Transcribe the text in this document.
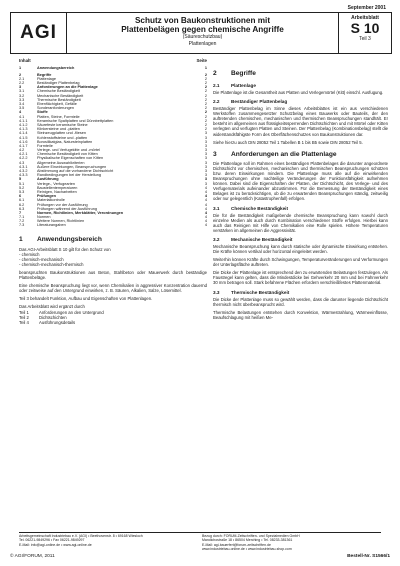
September 2001
AGI
Schutz von Baukonstruktionen mit
Plattenbelägen gegen chemische Angriffe
(Säureschutzbau)
Plattenlagen
Arbeitsblatt
S 10
Teil 3
Inhalt	Seite
1	Anwendungsbereich	1
2	Begriffe	2
2.1	Plattenlage	2
2.2	Beständiger Plattenbelag	2
3	Anforderungen an die Plattenlage	2
3.1	Chemische Beständigkeit	2
3.2	Mechanische Beständigkeit	2
3.3	Thermische Beständigkeit	2
3.4	Ebenflächigkeit, Gefälle	2
3.5	Sonderanforderungen	2
4	Stoffe	2
4.1	Platten, Steine, Formteile	2
4.1.1	Keramische Spaltplatten und Dünnbettplatten	2
4.1.2	Säurefeste keramische Steine	2
4.1.3	Klinkersteine und -platten	2
4.1.4	Steinzeugplatten und -fliesen	3
4.1.5	Kohlenstoffsteine und -platten	3
4.1.6	Borosilikatglas, Natursteinplatten	3
4.1.7	Formteile	3
4.2	Verlege- und Verfugekitte und -mörtel	3
4.2.1	Chemische Beständigkeit von Kitten	3
4.2.2	Physikalische Eigenschaften von Kitten	3
4.3	Allgemeine Auswahlkriterien	3
4.3.1	Äußere Einwirkungen, Beanspruchungen	3
4.3.2	Abstimmung auf die vorhandene Dichtschicht	3
4.3.3	Randbedingungen bei der Herstellung	3
5	Ausführung	3
5.1	Verlege-, Verfugearten	3
5.2	Baustellentemperaturen	4
5.3	Reinigen, Nacharbeiten	4
6	Prüfungen	4
6.1	Materialkontrolle	4
6.2	Prüfungen vor der Ausführung	4
6.3	Prüfungen während der Ausführung	4
7	Normen, Richtlinien, Merkblätter, Verordnungen	4
7.1	Normen	4
7.2	Weitere Normen, Richtlinien	4
7.3	Literaturangaben	4
1	Anwendungsbereich

Das AGI-Arbeitsblatt S 10 gilt für den Schutz von

- chemisch
- chemisch-mechanisch
- chemisch-mechanisch-thermisch

beanspruchten Baukonstruktionen aus Beton, Stahlbeton oder Mauerwerk durch beständige Plattenbeläge.

Eine chemische Beanspruchung liegt vor, wenn Chemikalien in aggressiver Konzentration dauernd oder zeitweise auf den Untergrund einwirken, z. B. Säuren, Alkalien, Salze, Lösemittel.

Teil 3 behandelt Funktion, Aufbau und Eigenschaften von Plattenlagen.

Das Arbeitsblatt wird ergänzt durch

Teil 1	Anforderungen an den Untergrund
Teil 2	Dichtschichten
Teil 4	Ausführungsdetails
2	Begriffe
2.1	Plattenlage

Die Plattenlage ist die Gesamtheit aus Platten und Verlegemörtel (Kitt) einschl. Ausfugung.

2.2	Beständiger Plattenbelag

Beständiger Plattenbelag im Sinne dieses Arbeitsblattes ist ein aus verschiedenen Werkstoffen zusammengesetzter Schutzbelag eines Bauwerks oder Bauteils, der den auftretenden chemischen, mechanischen und thermischen Beanspruchungen standhält. Er besteht im allgemeinen aus flüssigkeitssperrenden Dichtschichten und mit Mörtel oder Kitten verlegten und verfugten Platten und Steinen. Der Plattenbelag (Kombinationsbelag) stellt die widerstandsfähigste Form des Oberflächenschutzes von Baukonstruktionen dar.

Siehe hierzu auch DIN 28052 Teil 1 Tabellen B 1 bis B5 sowie DIN 28052 Teil 5.

3	Anforderungen an die Plattenlage

Die Plattenlage soll im Rahmen eines beständigen Plattenbelages die darunter angeordnete Dichtschicht vor chemischen, mechanischen und thermischen Beanspruchungen schützen bzw. deren Einwirkungen mindern. Die Plattenlage muss alle auf die einwirkenden Beanspruchungen ohne nachteilige Veränderungen der Funktionsfähigkeit aufnehmen können. Dabei sind die Eigenschaften der Platten, der Dichtschicht, des Verlege- und des Verfugematerials aufeinander abzustimmen. Für die Bemessung der Beständigkeit eines Belages ist zu berücksichtigen, ob die zu erwartenden Beanspruchungen ständig, zeitweilig oder nur gelegentlich (Katastrophenfall) erfolgen.

3.1	Chemische Beständigkeit

Die für die Beständigkeit maßgebende chemische Beanspruchung kann sowohl durch einzelne Medien als auch durch Kombination verschiedener Stoffe erfolgen. Hierbei kann auch das Reinigen mit Hilfe von Chemikalien eine Rolle spielen. Höhere Temperaturen verstärken im allgemeinen die Aggressivität.

3.2	Mechanische Beständigkeit

Mechanische Beanspruchung kann durch statische oder dynamische Einwirkung entstehen. Die Kräfte können vertikal oder horizontal eingeleitet werden.

Weiterhin können Kräfte durch Schwingungen, Temperaturveränderungen und Verformungen der Unterlagsfläche auftreten.

Die Dicke der Plattenlage ist entsprechend den zu erwartenden Belastungen festzulegen. Als Faustregel kann gelten, dass die Mindestdicke bei Gehverkehr 20 mm und bei Fahrverkehr 30 mm betragen soll. Stark befahrene Flächen erfordern verschleißfestes Plattenmaterial.

3.3	Thermische Beständigkeit

Die Dicke der Plattenlage muss so gewählt werden, dass die darunter liegende Dichtschicht thermisch nicht überbeansprucht wird.

Thermische Belastungen entstehen durch Konvektion, Wärmestrahlung, Wärmeeinflüsse, Beaufschlagung mit heißen Me-

Arbeitsgemeinschaft Industriebau e.V. (AGI) • Beethovenstr. 8 • 69168 Wiesloch
Tel. 06221-9849296 • Fax 06221-9849297
E-Mail: info@agi-online.de • www.agi-online.de
Bezug durch: FORUM-Zeitschriften- und Spezialmedien GmbH
Mandichostraße 18 • 86504 Merching • Tel. 08233-381361
E-Mail: agi-bauerfert@forum-zeitschriften.de
www.industriebau-online.de • www.industriebau-shop.com
© AGI/FORUM, 2011	Bestell-Nr. S1566/1
